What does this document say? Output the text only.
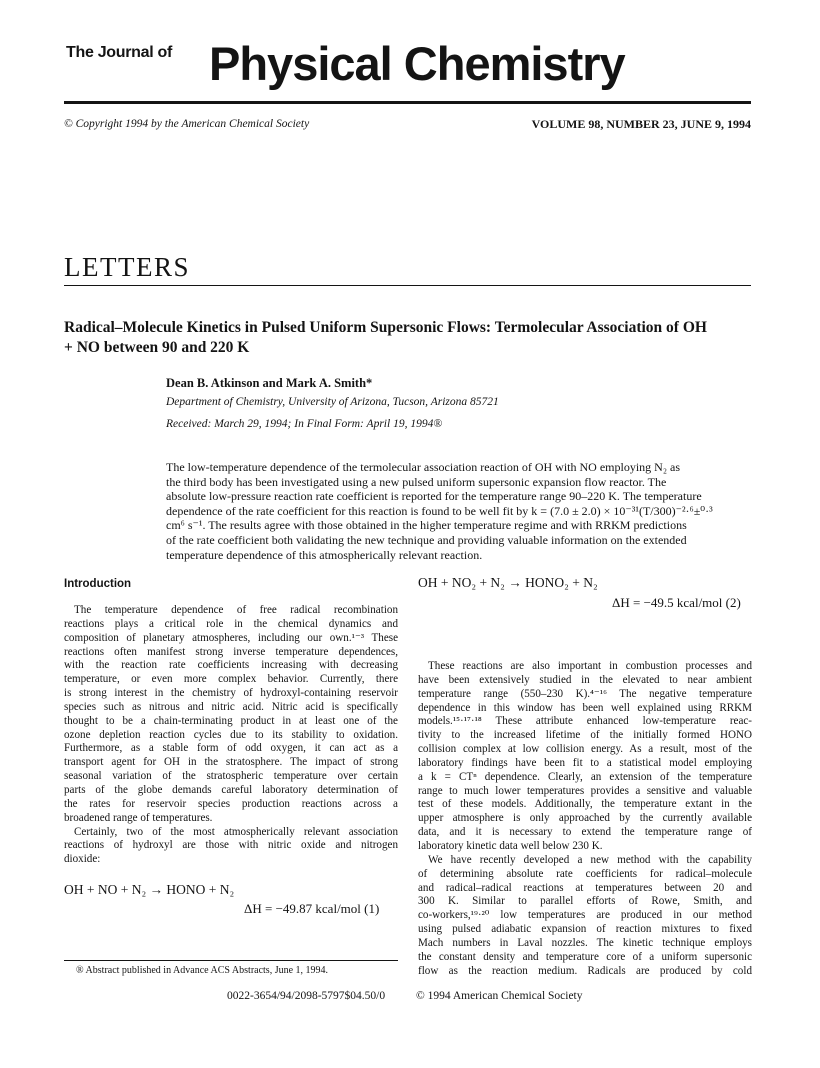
The Journal of Physical Chemistry
© Copyright 1994 by the American Chemical Society	VOLUME 98, NUMBER 23, JUNE 9, 1994
LETTERS
Radical–Molecule Kinetics in Pulsed Uniform Supersonic Flows: Termolecular Association of OH
+ NO between 90 and 220 K
Dean B. Atkinson and Mark A. Smith*
Department of Chemistry, University of Arizona, Tucson, Arizona 85721
Received: March 29, 1994; In Final Form: April 19, 1994®
The low-temperature dependence of the termolecular association reaction of OH with NO employing N₂ as
the third body has been investigated using a new pulsed uniform supersonic expansion flow reactor. The
absolute low-pressure reaction rate coefficient is reported for the temperature range 90–220 K. The temperature
dependence of the rate coefficient for this reaction is found to be well fit by k = (7.0 ± 2.0) × 10⁻³¹(T/300)⁻²·⁶±⁰·³
cm⁶ s⁻¹. The results agree with those obtained in the higher temperature regime and with RRKM predictions
of the rate coefficient both validating the new technique and providing valuable information on the extended
temperature dependence of this atmospherically relevant reaction.
Introduction
The temperature dependence of free radical recombination
reactions plays a critical role in the chemical dynamics and
composition of planetary atmospheres, including our own.¹⁻³ These
reactions often manifest strong inverse temperature dependences,
with the reaction rate coefficients increasing with decreasing
temperature, or even more complex behavior. Currently, there
is strong interest in the chemistry of hydroxyl-containing reservoir
species such as nitrous and nitric acid. Nitric acid is specifically
thought to be a chain-terminating product in at least one of the
ozone depletion reaction cycles due to its stability to oxidation.
Furthermore, as a stable form of odd oxygen, it can act as a
transport agent for OH in the stratosphere. The impact of strong
seasonal variation of the stratospheric temperature over certain
parts of the globe demands careful laboratory determination of
the rates for reservoir species production reactions across a
broadened range of temperatures.
Certainly, two of the most atmospherically relevant association
reactions of hydroxyl are those with nitric oxide and nitrogen
dioxide:
OH + NO + N₂ → HONO + N₂
ΔH = −49.87 kcal/mol (1)
® Abstract published in Advance ACS Abstracts, June 1, 1994.
OH + NO₂ + N₂ → HONO₂ + N₂
ΔH = −49.5 kcal/mol (2)
These reactions are also important in combustion processes and
have been extensively studied in the elevated to near ambient
temperature range (550–230 K).⁴⁻¹⁶ The negative temperature
dependence in this window has been well explained using RRKM
models.¹⁵·¹⁷·¹⁸ These attribute enhanced low-temperature reac-
tivity to the increased lifetime of the initially formed HONO
collision complex at low collision energy. As a result, most of the
laboratory findings have been fit to a statistical model employing
a k = CTⁿ dependence. Clearly, an extension of the temperature
range to much lower temperatures provides a sensitive and valuable
test of these models. Additionally, the temperature extant in the
upper atmosphere is only approached by the currently available
data, and it is necessary to extend the temperature range of
laboratory kinetic data well below 230 K.
We have recently developed a new method with the capability
of determining absolute rate coefficients for radical–molecule
and radical–radical reactions at temperatures between 20 and
300 K. Similar to parallel efforts of Rowe, Smith, and
co-workers,¹⁹·²⁰ low temperatures are produced in our method
using pulsed adiabatic expansion of reaction mixtures to fixed
Mach numbers in Laval nozzles. The kinetic technique employs
the constant density and temperature core of a uniform supersonic
flow as the reaction medium. Radicals are produced by cold
0022-3654/94/2098-5797$04.50/0	© 1994 American Chemical Society
